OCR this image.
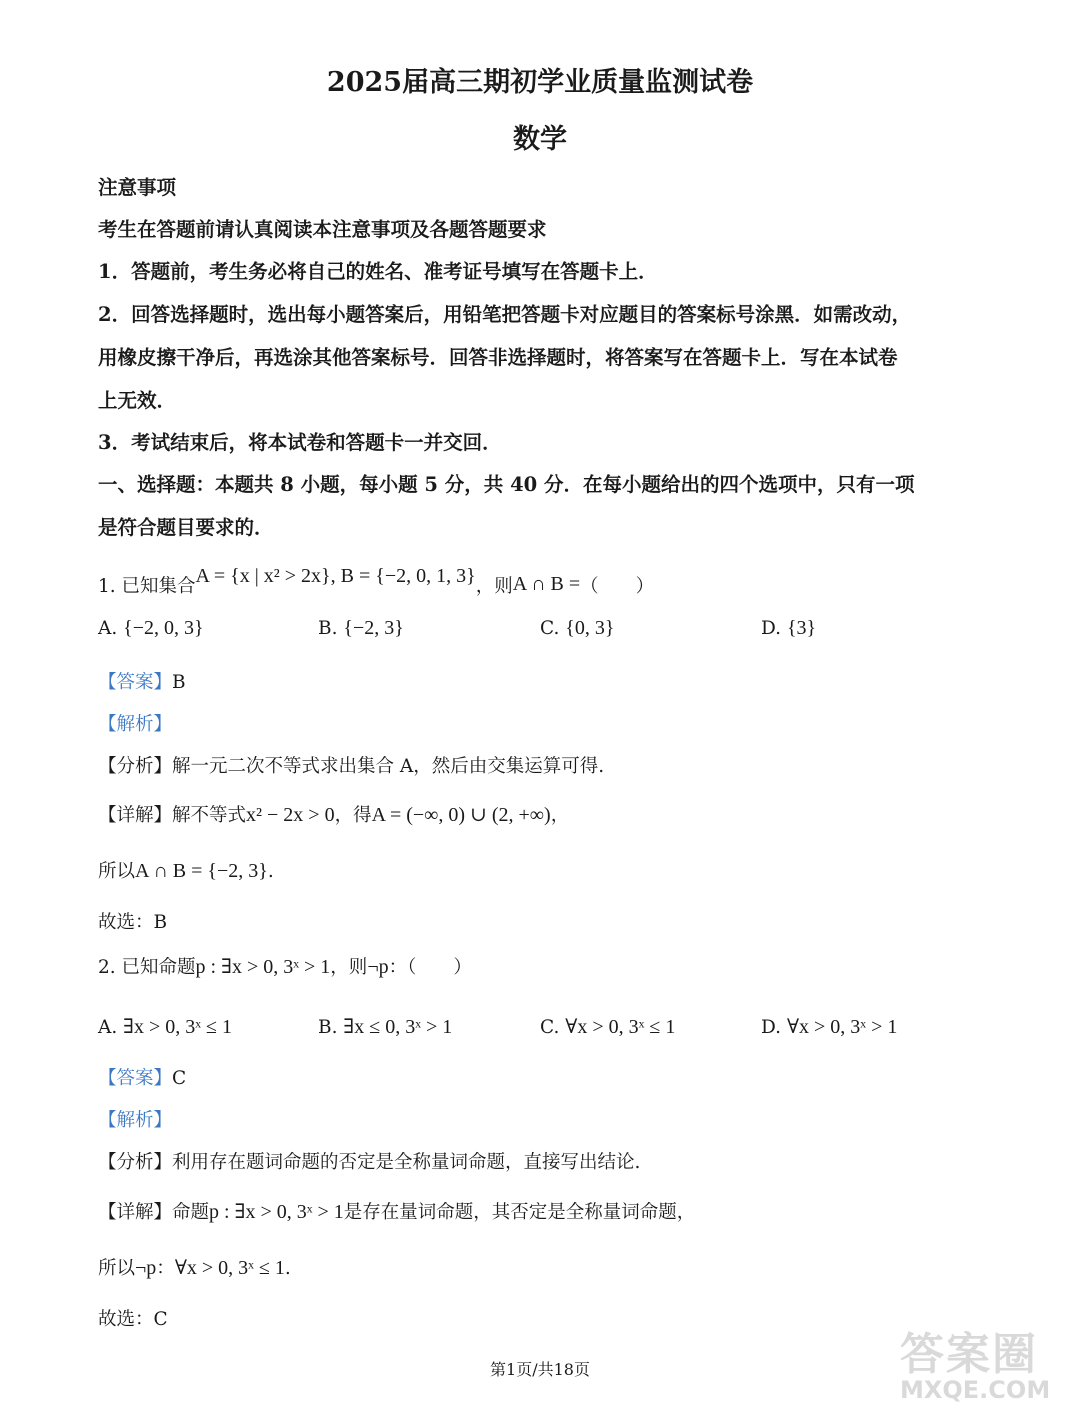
2025届高三期初学业质量监测试卷
数学
注意事项
考生在答题前请认真阅读本注意事项及各题答题要求
1．答题前，考生务必将自己的姓名、准考证号填写在答题卡上．
2．回答选择题时，选出每小题答案后，用铅笔把答题卡对应题目的答案标号涂黑．如需改动，
用橡皮擦干净后，再选涂其他答案标号．回答非选择题时，将答案写在答题卡上．写在本试卷
上无效．
3．考试结束后，将本试卷和答题卡一并交回．
一、选择题：本题共 8 小题，每小题 5 分，共 40 分．在每小题给出的四个选项中，只有一项
是符合题目要求的．
1. 已知集合A = {x | x² > 2x}, B = {−2, 0, 1, 3}，则A ∩ B =（　　）
A. {−2, 0, 3}	B. {−2, 3}	C. {0, 3}	D. {3}
【答案】B
【解析】
【分析】解一元二次不等式求出集合 A，然后由交集运算可得.
【详解】解不等式x² − 2x > 0，得A = (−∞, 0) ∪ (2, +∞)，
所以A ∩ B = {−2, 3}.
故选：B
2. 已知命题p : ∃x > 0, 3ˣ > 1，则¬p：（　　）
A. ∃x > 0, 3ˣ ≤ 1	B. ∃x ≤ 0, 3ˣ > 1	C. ∀x > 0, 3ˣ ≤ 1	D. ∀x > 0, 3ˣ > 1
【答案】C
【解析】
【分析】利用存在题词命题的否定是全称量词命题，直接写出结论.
【详解】命题p : ∃x > 0, 3ˣ > 1是存在量词命题，其否定是全称量词命题，
所以¬p：∀x > 0, 3ˣ ≤ 1.
故选：C
第1页/共18页	答案圈
MXQE.COM
